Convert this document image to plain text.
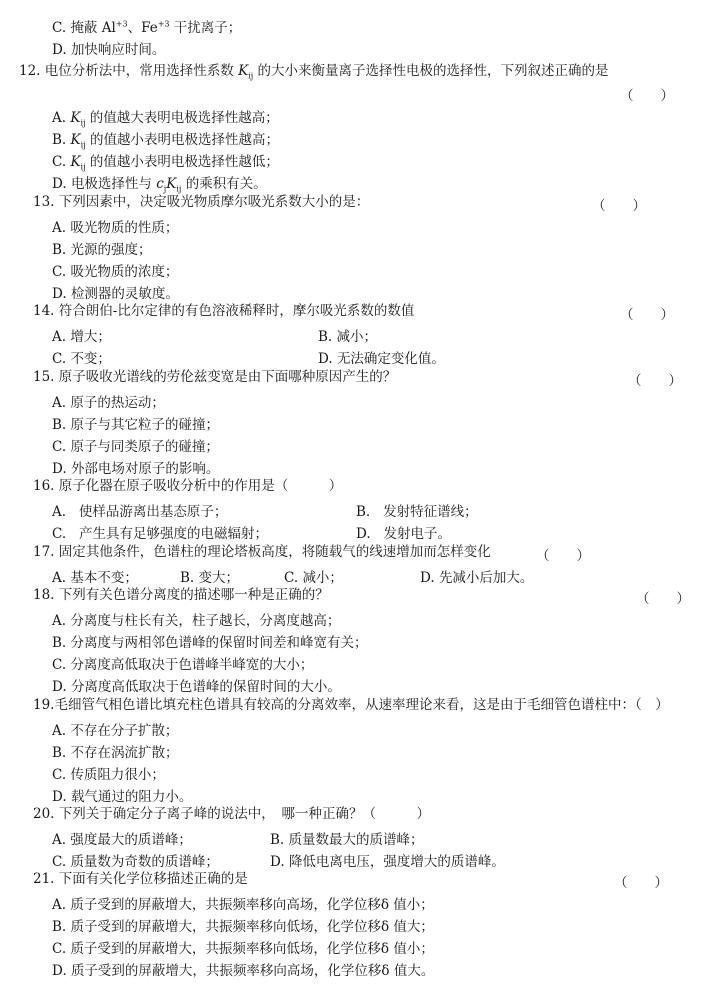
C. 掩蔽 $Al^{+3}$、$Fe^{+3}$ 干扰离子；
D. 加快响应时间。
12. 电位分析法中，常用选择性系数 $K_{ij}$ 的大小来衡量离子选择性电极的选择性，下列叙述正确的是
（　　）
A. $K_{ij}$ 的值越大表明电极选择性越高；
B. $K_{ij}$ 的值越小表明电极选择性越高；
C. $K_{ij}$ 的值越小表明电极选择性越低；
D. 电极选择性与 $c_jK_{ij}$ 的乘积有关。
13. 下列因素中，决定吸光物质摩尔吸光系数大小的是：	（　　）
A. 吸光物质的性质；
B. 光源的强度；
C. 吸光物质的浓度；
D. 检测器的灵敏度。
14. 符合朗伯-比尔定律的有色溶液稀释时，摩尔吸光系数的数值	（　　）
A. 增大；	B. 减小；
C. 不变；	D. 无法确定变化值。
15. 原子吸收光谱线的劳伦兹变宽是由下面哪种原因产生的？	（　　）
A. 原子的热运动；
B. 原子与其它粒子的碰撞；
C. 原子与同类原子的碰撞；
D. 外部电场对原子的影响。
16. 原子化器在原子吸收分析中的作用是（　　　）
A. 使样品游离出基态原子；	B. 发射特征谱线；
C. 产生具有足够强度的电磁辐射；	D. 发射电子。
17. 固定其他条件，色谱柱的理论塔板高度，将随载气的线速增加而怎样变化	（　　）
A. 基本不变；	B. 变大；	C. 减小；	D. 先减小后加大。
18. 下列有关色谱分离度的描述哪一种是正确的？	（　　）
A. 分离度与柱长有关，柱子越长，分离度越高；
B. 分离度与两相邻色谱峰的保留时间差和峰宽有关；
C. 分离度高低取决于色谱峰半峰宽的大小；
D. 分离度高低取决于色谱峰的保留时间的大小。
19.毛细管气相色谱比填充柱色谱具有较高的分离效率，从速率理论来看，这是由于毛细管色谱柱中：（　）
A. 不存在分子扩散；
B. 不存在涡流扩散；
C. 传质阻力很小；
D. 载气通过的阻力小。
20. 下列关于确定分子离子峰的说法中，　哪一种正确？（　　　）
A. 强度最大的质谱峰；	B. 质量数最大的质谱峰；
C. 质量数为奇数的质谱峰；	D. 降低电离电压，强度增大的质谱峰。
21. 下面有关化学位移描述正确的是	（　　）
A. 质子受到的屏蔽增大，共振频率移向高场，化学位移δ 值小；
B. 质子受到的屏蔽增大，共振频率移向低场，化学位移δ 值大；
C. 质子受到的屏蔽增大，共振频率移向低场，化学位移δ 值小；
D. 质子受到的屏蔽增大，共振频率移向高场，化学位移δ 值大。
